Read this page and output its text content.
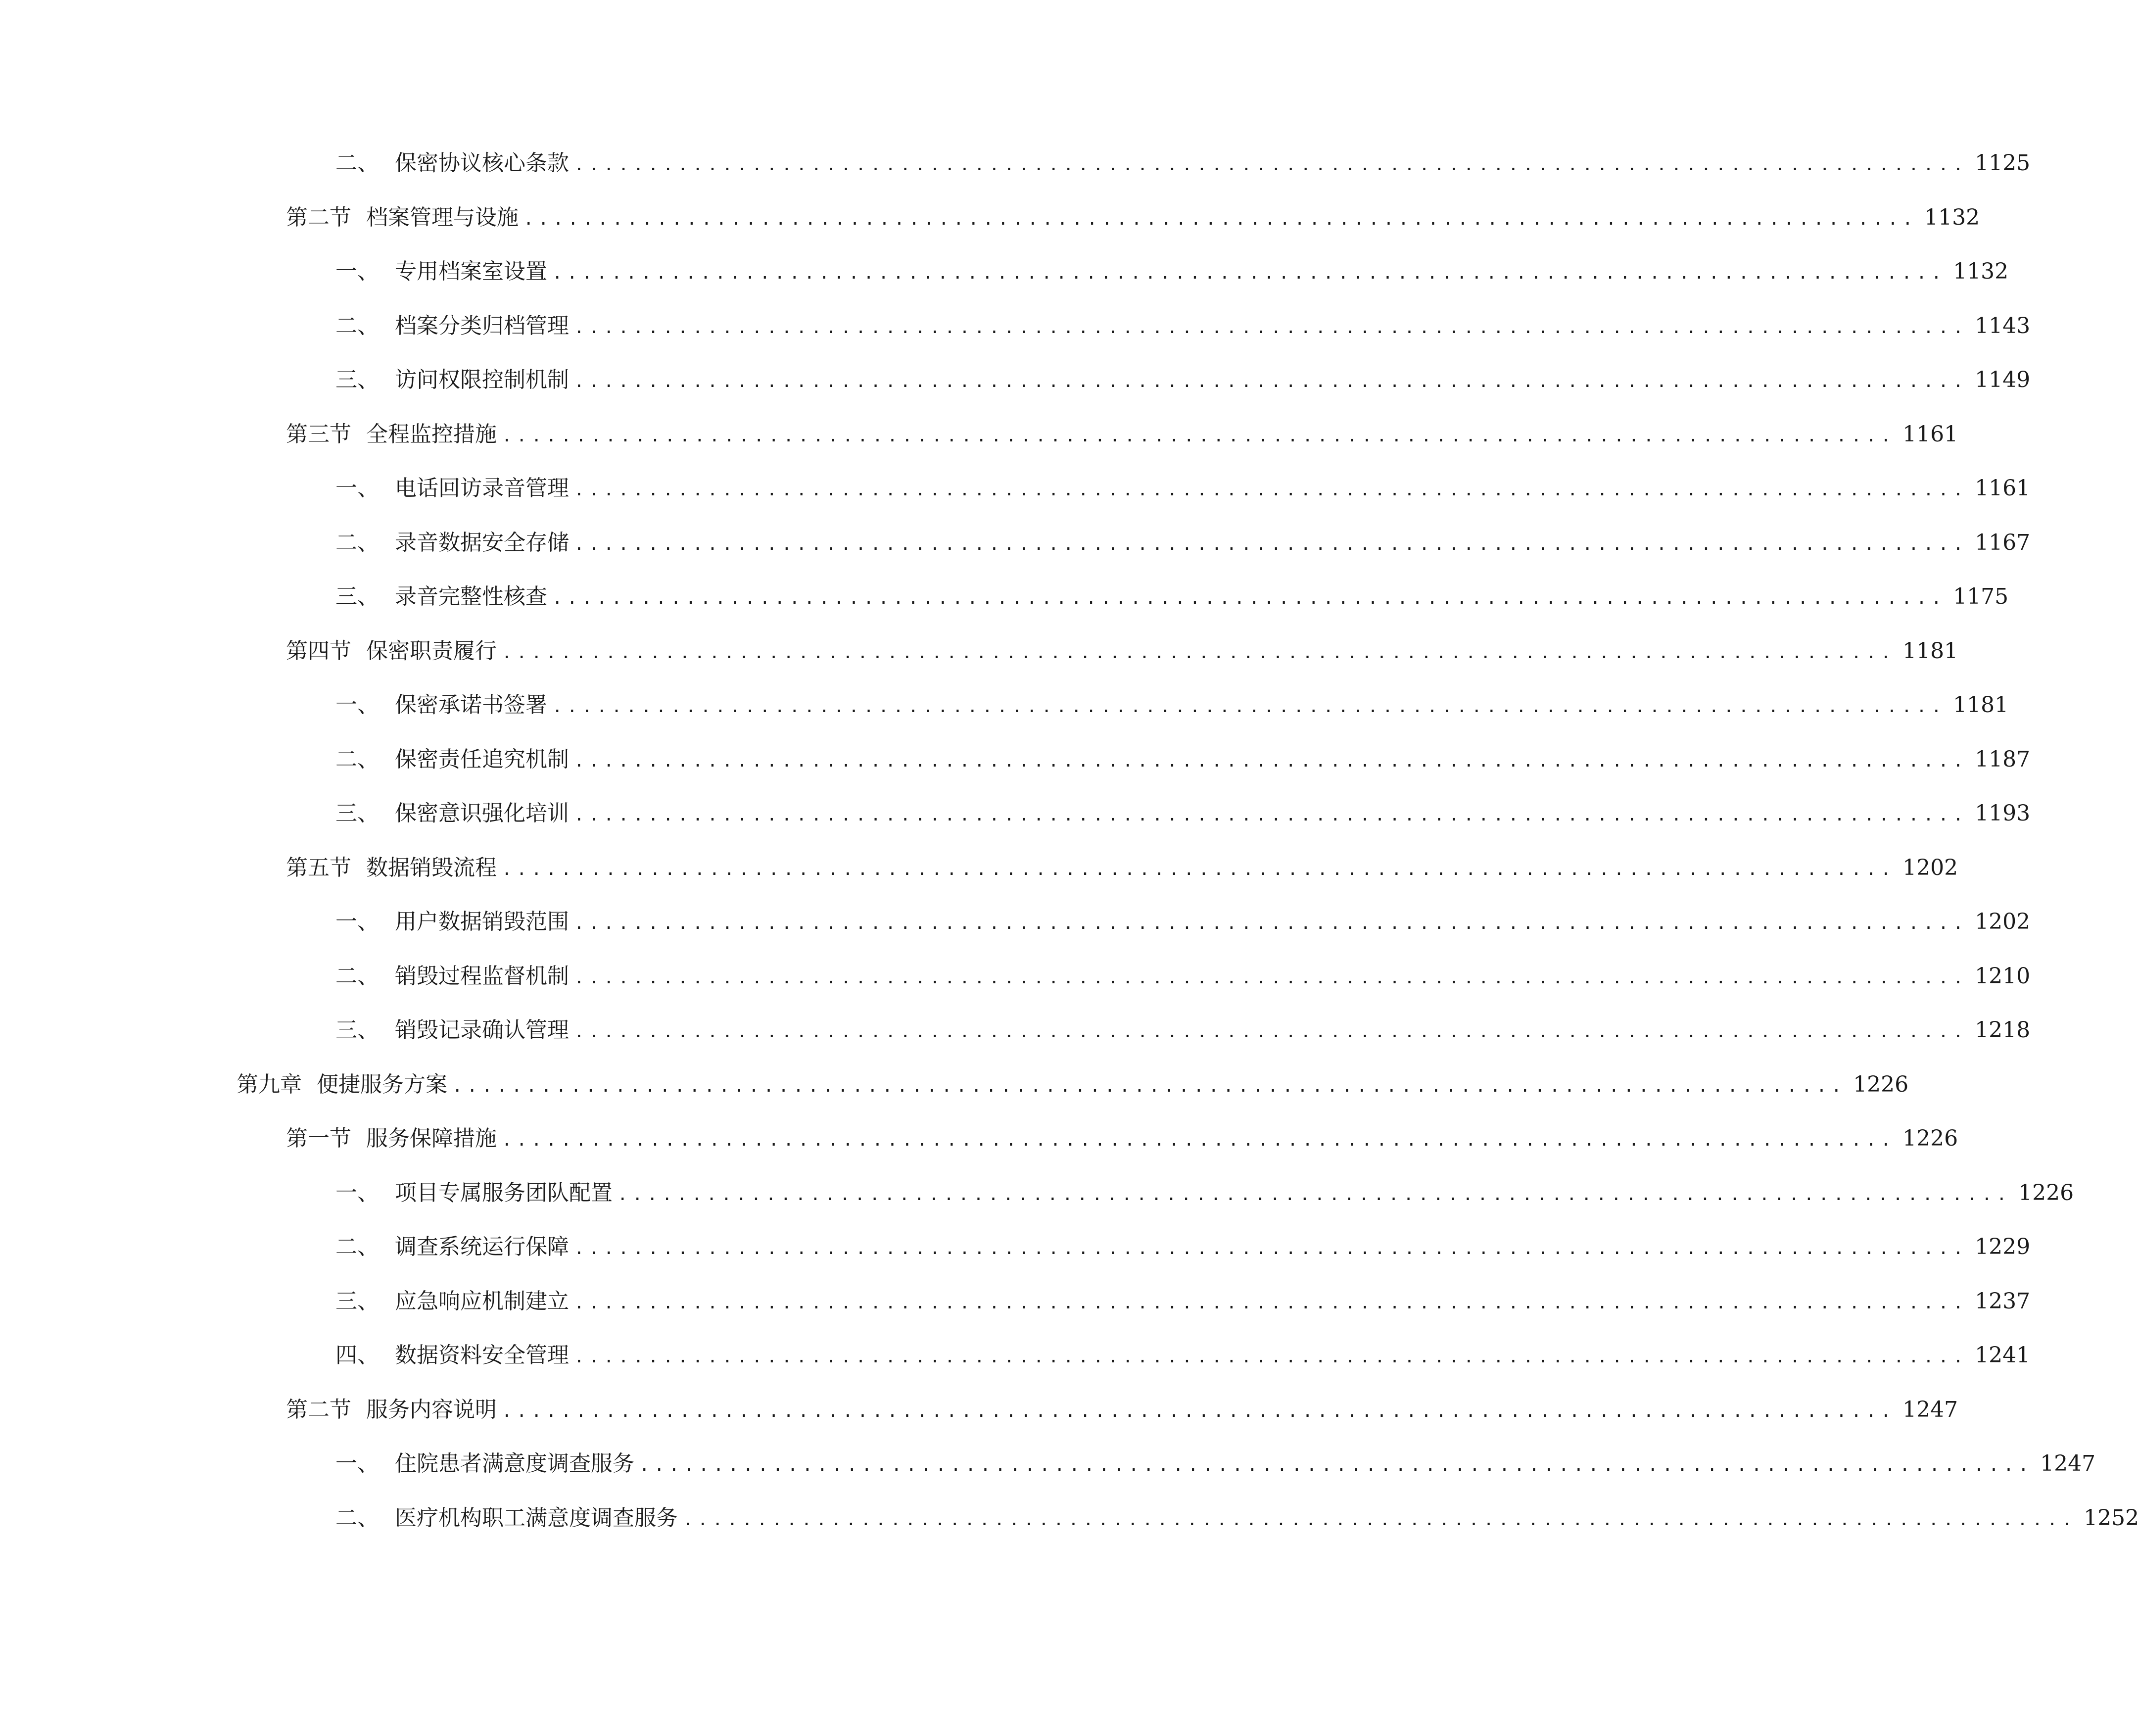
二、 保密协议核心条款 .............................................................................................. 1125
第二节 档案管理与设施 .............................................................................................. 1132
一、 专用档案室设置 .............................................................................................. 1132
二、 档案分类归档管理 .............................................................................................. 1143
三、 访问权限控制机制 .............................................................................................. 1149
第三节 全程监控措施 .............................................................................................. 1161
一、 电话回访录音管理 .............................................................................................. 1161
二、 录音数据安全存储 .............................................................................................. 1167
三、 录音完整性核查 .............................................................................................. 1175
第四节 保密职责履行 .............................................................................................. 1181
一、 保密承诺书签署 .............................................................................................. 1181
二、 保密责任追究机制 .............................................................................................. 1187
三、 保密意识强化培训 .............................................................................................. 1193
第五节 数据销毁流程 .............................................................................................. 1202
一、 用户数据销毁范围 .............................................................................................. 1202
二、 销毁过程监督机制 .............................................................................................. 1210
三、 销毁记录确认管理 .............................................................................................. 1218
第九章 便捷服务方案 .............................................................................................. 1226
第一节 服务保障措施 .............................................................................................. 1226
一、 项目专属服务团队配置 .............................................................................................. 1226
二、 调查系统运行保障 .............................................................................................. 1229
三、 应急响应机制建立 .............................................................................................. 1237
四、 数据资料安全管理 .............................................................................................. 1241
第二节 服务内容说明 .............................................................................................. 1247
一、 住院患者满意度调查服务 .............................................................................................. 1247
二、 医疗机构职工满意度调查服务 .............................................................................................. 1252
